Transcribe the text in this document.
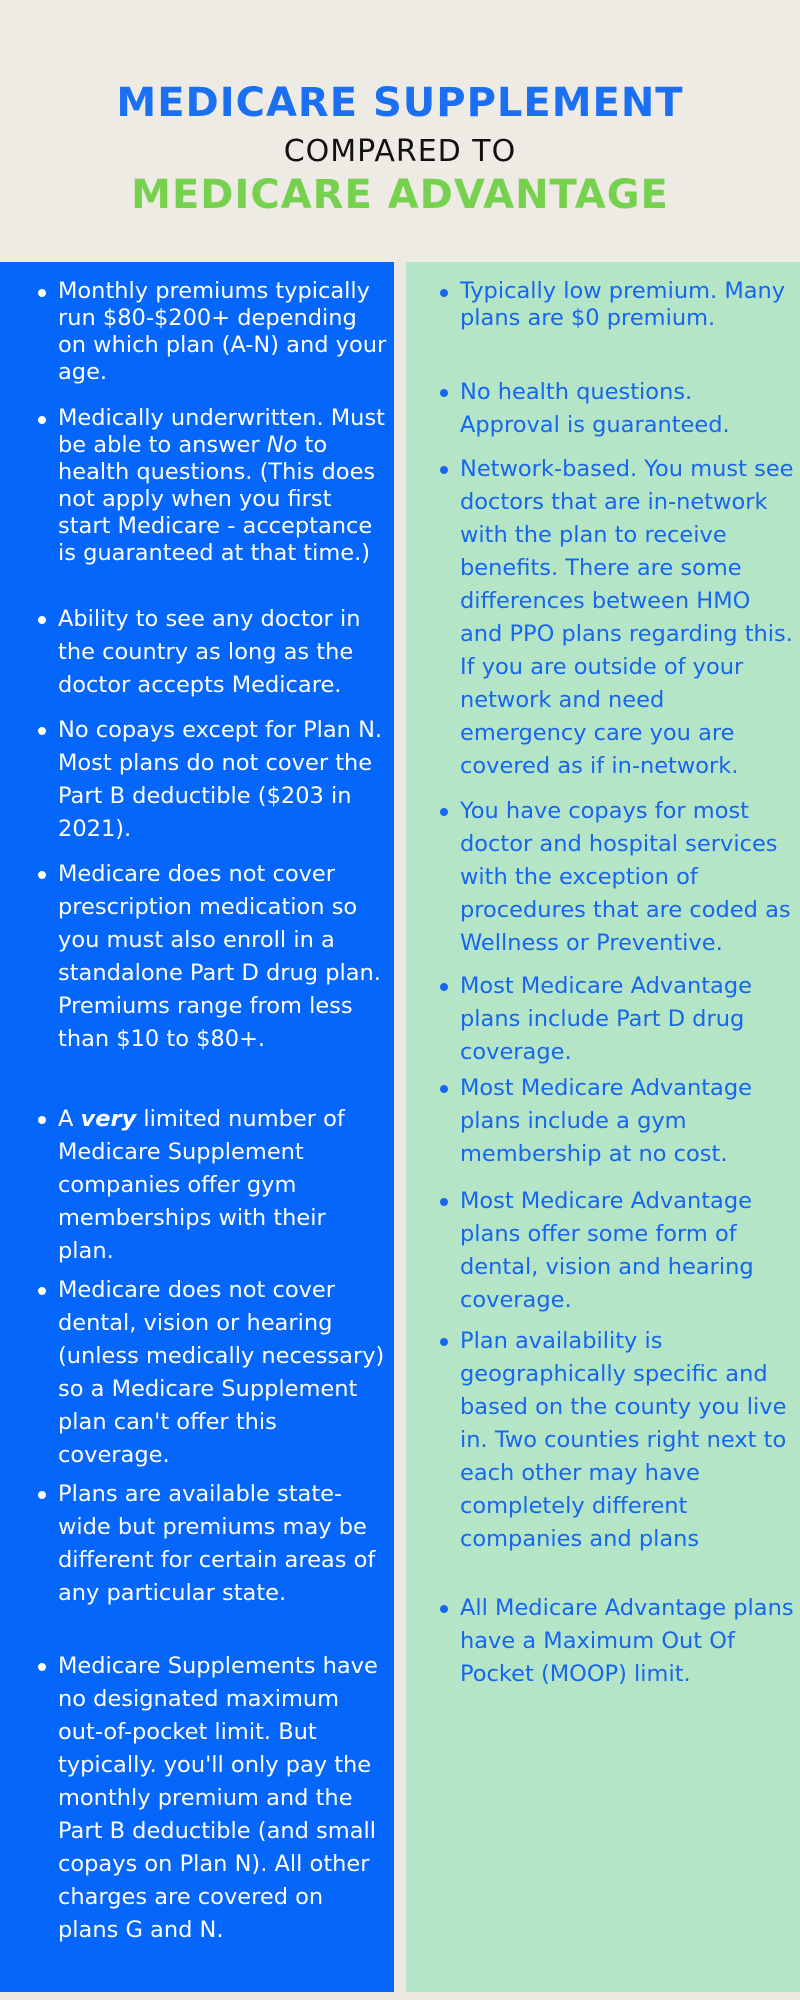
MEDICARE SUPPLEMENT
COMPARED TO
MEDICARE ADVANTAGE
Monthly premiums typically run $80-$200+ depending on which plan (A-N) and your age.
Medically underwritten. Must be able to answer No to health questions. (This does not apply when you first start Medicare - acceptance is guaranteed at that time.)
Ability to see any doctor in the country as long as the doctor accepts Medicare.
No copays except for Plan N. Most plans do not cover the Part B deductible ($203 in 2021).
Medicare does not cover prescription medication so you must also enroll in a standalone Part D drug plan. Premiums range from less than $10 to $80+.
A very limited number of Medicare Supplement companies offer gym memberships with their plan.
Medicare does not cover dental, vision or hearing (unless medically necessary) so a Medicare Supplement plan can't offer this coverage.
Plans are available state-wide but premiums may be different for certain areas of any particular state.
Medicare Supplements have no designated maximum out-of-pocket limit. But typically. you'll only pay the monthly premium and the Part B deductible (and small copays on Plan N). All other charges are covered on plans G and N.
Typically low premium. Many plans are $0 premium.
No health questions. Approval is guaranteed.
Network-based. You must see doctors that are in-network with the plan to receive benefits. There are some differences between HMO and PPO plans regarding this. If you are outside of your network and need emergency care you are covered as if in-network.
You have copays for most doctor and hospital services with the exception of procedures that are coded as Wellness or Preventive.
Most Medicare Advantage plans include Part D drug coverage.
Most Medicare Advantage plans include a gym membership at no cost.
Most Medicare Advantage plans offer some form of dental, vision and hearing coverage.
Plan availability is geographically specific and based on the county you live in. Two counties right next to each other may have completely different companies and plans
All Medicare Advantage plans have a Maximum Out Of Pocket (MOOP) limit.
